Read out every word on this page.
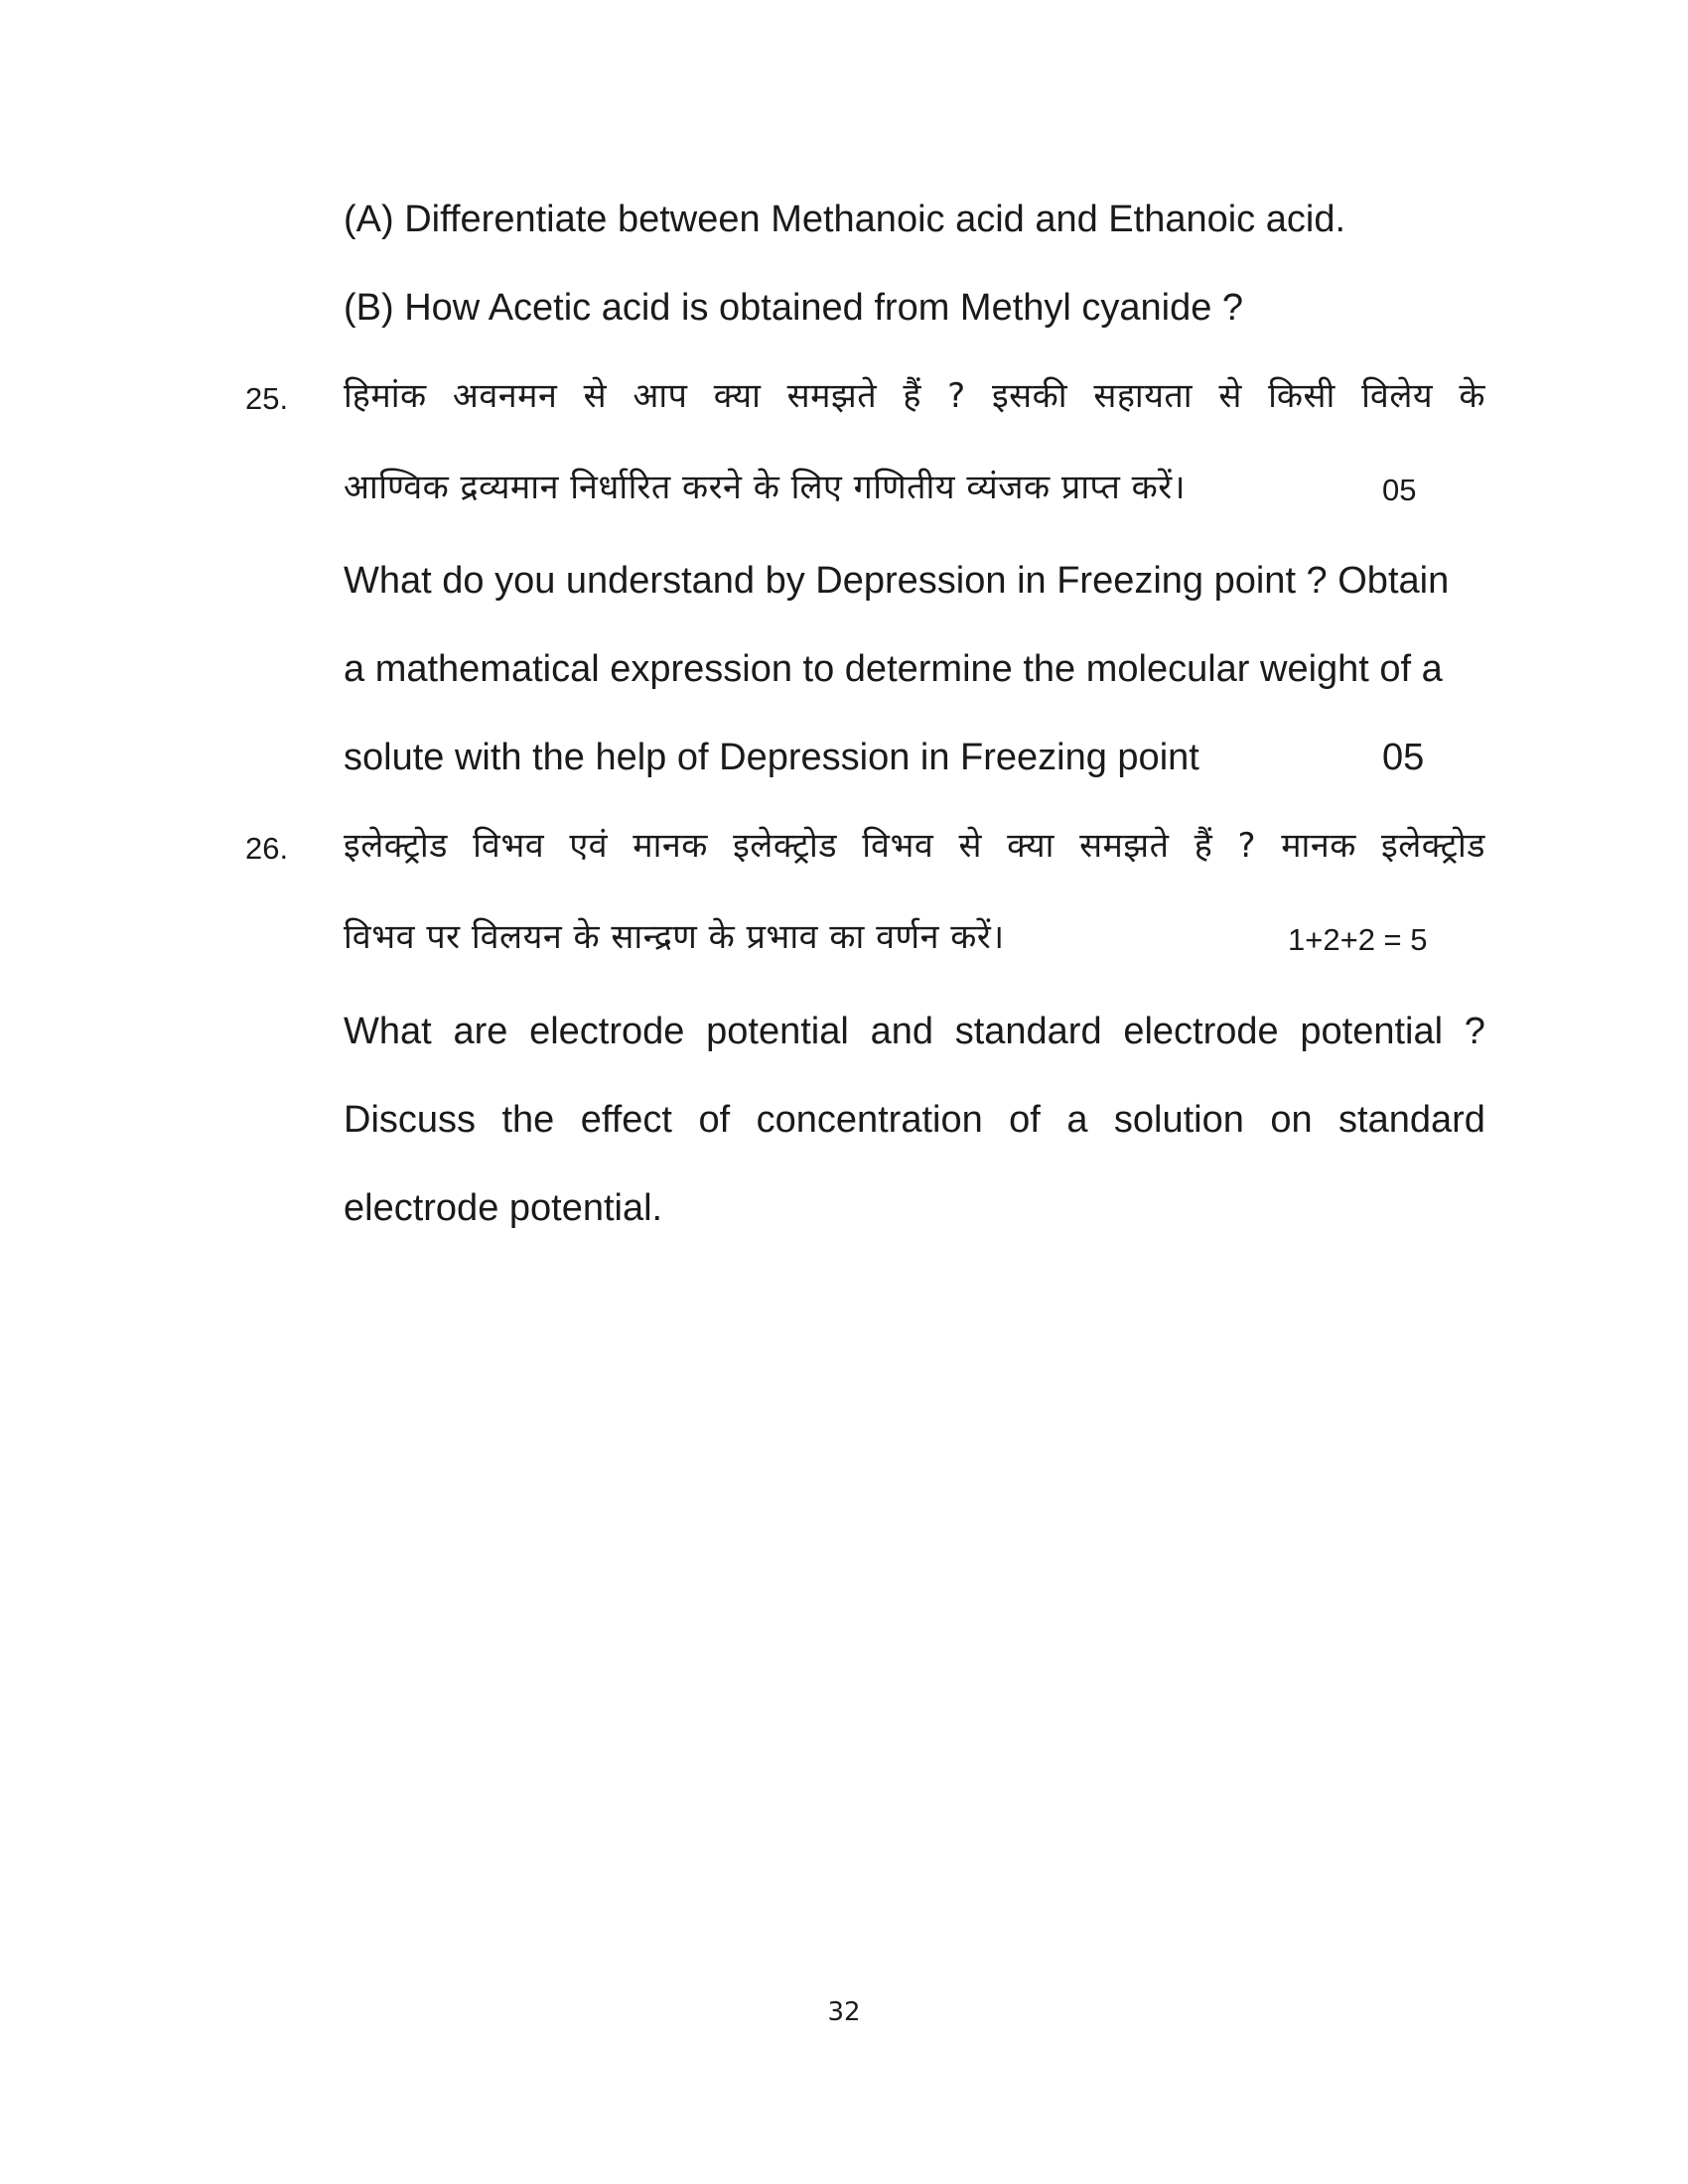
(A) Differentiate between Methanoic acid and Ethanoic acid.
(B) How Acetic acid is obtained from Methyl cyanide ?
25. हिमांक अवनमन से आप क्या समझते हैं ? इसकी सहायता से किसी विलेय के
आण्विक द्रव्यमान निर्धारित करने के लिए गणितीय व्यंजक प्राप्त करें।	05
What do you understand by Depression in Freezing point ? Obtain
a mathematical expression to determine the molecular weight of a
solute with the help of Depression in Freezing point	05
26. इलेक्ट्रोड विभव एवं मानक इलेक्ट्रोड विभव से क्या समझते हैं ? मानक इलेक्ट्रोड
विभव पर विलयन के सान्द्रण के प्रभाव का वर्णन करें।	1+2+2 = 5
What are electrode potential and standard electrode potential ?
Discuss the effect of concentration of a solution on standard
electrode potential.
32
